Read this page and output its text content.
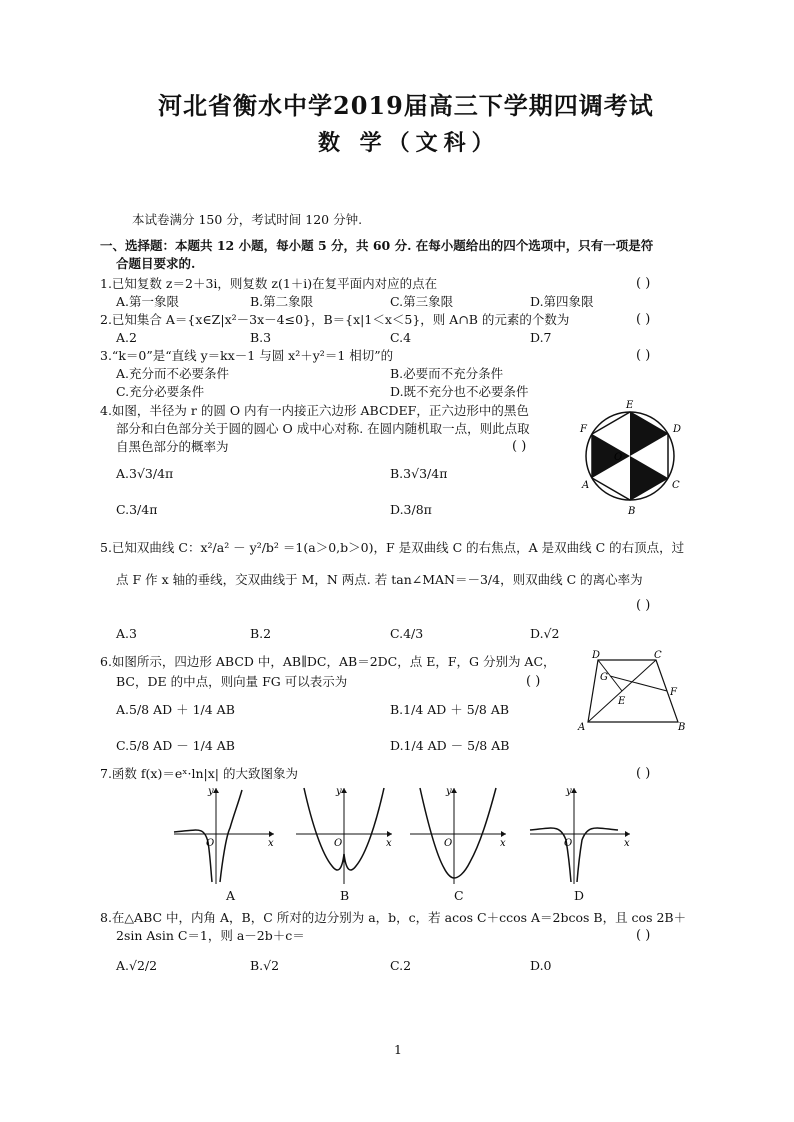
河北省衡水中学2019届高三下学期四调考试
数 学（文科）
本试卷满分 150 分，考试时间 120 分钟.
一、选择题：本题共 12 小题，每小题 5 分，共 60 分. 在每小题给出的四个选项中，只有一项是符
合题目要求的.
1.已知复数 z＝2＋3i，则复数 z(1＋i)在复平面内对应的点在	( )
A.第一象限	B.第二象限	C.第三象限	D.第四象限
2.已知集合 A＝{x∈Z|x²－3x－4≤0}，B＝{x|1＜x＜5}，则 A∩B 的元素的个数为	( )
A.2	B.3	C.4	D.7
3.“k＝0”是“直线 y＝kx－1 与圆 x²＋y²＝1 相切”的	( )
A.充分而不必要条件	B.必要而不充分条件
C.充分必要条件	D.既不充分也不必要条件
4.如图，半径为 r 的圆 O 内有一内接正六边形 ABCDEF，正六边形中的黑色
部分和白色部分关于圆的圆心 O 成中心对称. 在圆内随机取一点，则此点取
( )
自黑色部分的概率为
A.3√3/4π	B.3√3/4π
C.3/4π	D.3/8π
E
D
F
O
A	C
B
5.已知双曲线 C：x²/a² － y²/b² ＝1(a＞0,b＞0)，F 是双曲线 C 的右焦点，A 是双曲线 C 的右顶点，过
点 F 作 x 轴的垂线，交双曲线于 M，N 两点. 若 tan∠MAN＝－3/4，则双曲线 C 的离心率为
( )
A.3	B.2	C.4/3	D.√2
6.如图所示，四边形 ABCD 中，AB∥DC，AB＝2DC，点 E，F，G 分别为 AC，
BC，DE 的中点，则向量 FG 可以表示为	( )
A.5/8 AD ＋ 1/4 AB	B.1/4 AD ＋ 5/8 AB
C.5/8 AD － 1/4 AB	D.1/4 AD － 5/8 AB
D	C
G
F
E
A	B
7.函数 f(x)＝eˣ·ln|x| 的大致图象为	( )
y
x
O
A
y
x
O
B
y
x
O
C
y
x
O
D
8.在△ABC 中，内角 A，B，C 所对的边分别为 a，b，c，若 acos C＋ccos A＝2bcos B，且 cos 2B＋
2sin Asin C＝1，则 a－2b＋c＝	( )
A.√2/2	B.√2	C.2	D.0
1
